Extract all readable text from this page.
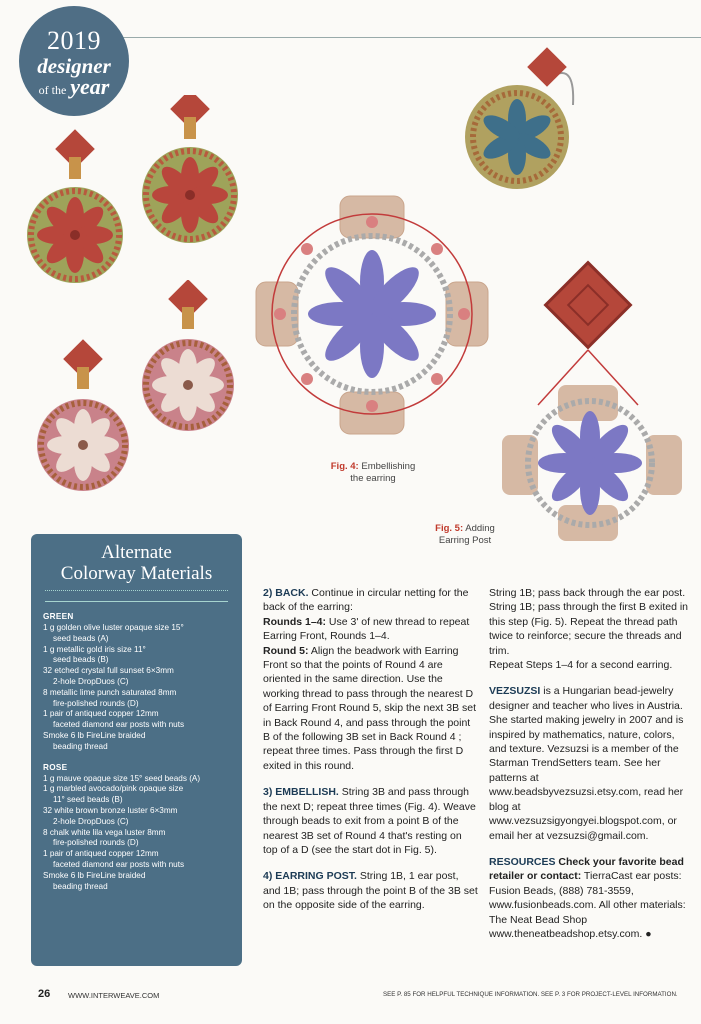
2019
designer
of the year
Fig. 4: Embellishing
the earring
Fig. 5: Adding
Earring Post
Alternate
Colorway Materials
GREEN
1 g golden olive luster opaque size 15°
seed beads (A)
1 g metallic gold iris size 11°
seed beads (B)
32 etched crystal full sunset 6×3mm
2-hole DropDuos (C)
8 metallic lime punch saturated 8mm
fire-polished rounds (D)
1 pair of antiqued copper 12mm
faceted diamond ear posts with nuts
Smoke 6 lb FireLine braided
beading thread
ROSE
1 g mauve opaque size 15° seed beads (A)
1 g marbled avocado/pink opaque size
11° seed beads (B)
32 white brown bronze luster 6×3mm
2-hole DropDuos (C)
8 chalk white lila vega luster 8mm
fire-polished rounds (D)
1 pair of antiqued copper 12mm
faceted diamond ear posts with nuts
Smoke 6 lb FireLine braided
beading thread

2) BACK. Continue in circular netting for the back of the earring:
Rounds 1–4: Use 3' of new thread to repeat Earring Front, Rounds 1–4.
Round 5: Align the beadwork with Earring Front so that the points of Round 4 are oriented in the same direction. Use the working thread to pass through the nearest D of Earring Front Round 5, skip the next 3B set in Back Round 4, and pass through the point B of the following 3B set in Back Round 4 ; repeat three times. Pass through the first D exited in this round.

3) EMBELLISH. String 3B and pass through the next D; repeat three times (Fig. 4). Weave through beads to exit from a point B of the nearest 3B set of Round 4 that's resting on top of a D (see the start dot in Fig. 5).

4) EARRING POST. String 1B, 1 ear post, and 1B; pass through the point B of the 3B set on the opposite side of the earring.

String 1B; pass back through the ear post. String 1B; pass through the first B exited in this step (Fig. 5). Repeat the thread path twice to reinforce; secure the threads and trim.
Repeat Steps 1–4 for a second earring.

VEZSUZSI is a Hungarian bead-jewelry designer and teacher who lives in Austria. She started making jewelry in 2007 and is inspired by mathematics, nature, colors, and texture. Vezsuzsi is a member of the Starman TrendSetters team. See her patterns at www.beadsbyvezsuzsi.etsy.com, read her blog at www.vezsuzsigyongyei.blogspot.com, or email her at vezsuzsi@gmail.com.

RESOURCES Check your favorite bead retailer or contact: TierraCast ear posts: Fusion Beads, (888) 781-3559, www.fusionbeads.com. All other materials: The Neat Bead Shop www.theneatbeadshop.etsy.com. ●

26 WWW.INTERWEAVE.COM	SEE P. 85 FOR HELPFUL TECHNIQUE INFORMATION. SEE P. 3 FOR PROJECT-LEVEL INFORMATION.
